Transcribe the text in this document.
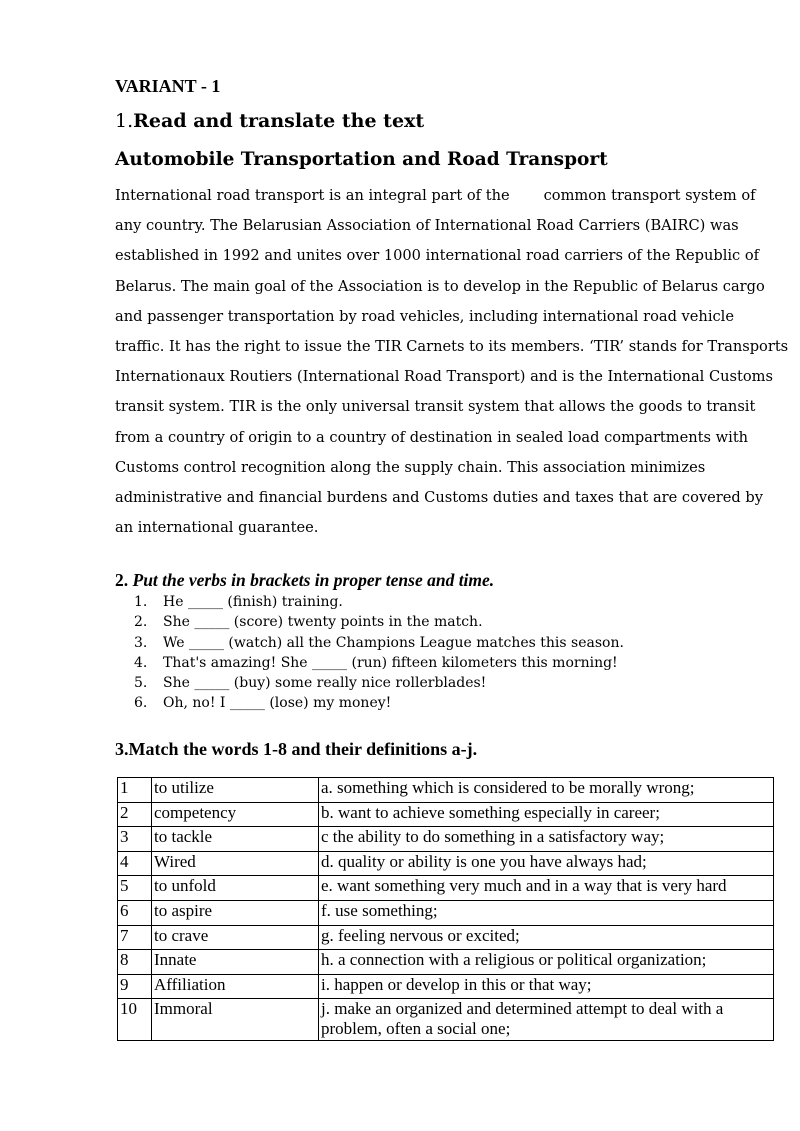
VARIANT - 1
1.Read and translate the text
Automobile Transportation and Road Transport
International road transport is an integral part of the common transport system of
any country. The Belarusian Association of International Road Carriers (BAIRC) was
established in 1992 and unites over 1000 international road carriers of the Republic of
Belarus. The main goal of the Association is to develop in the Republic of Belarus cargo
and passenger transportation by road vehicles, including international road vehicle
traffic. It has the right to issue the TIR Carnets to its members. ‘TIR’ stands for Transports
Internationaux Routiers (International Road Transport) and is the International Customs
transit system. TIR is the only universal transit system that allows the goods to transit
from a country of origin to a country of destination in sealed load compartments with
Customs control recognition along the supply chain. This association minimizes
administrative and financial burdens and Customs duties and taxes that are covered by
an international guarantee.
2. Put the verbs in brackets in proper tense and time.
1. He _____ (finish) training.
2. She _____ (score) twenty points in the match.
3. We _____ (watch) all the Champions League matches this season.
4. That's amazing! She _____ (run) fifteen kilometers this morning!
5. She _____ (buy) some really nice rollerblades!
6. Oh, no! I _____ (lose) my money!
3.Match the words 1-8 and their definitions a-j.
1	to utilize	a. something which is considered to be morally wrong;
2	competency	b. want to achieve something especially in career;
3	to tackle	c the ability to do something in a satisfactory way;
4	Wired	d. quality or ability is one you have always had;
5	to unfold	e. want something very much and in a way that is very hard
6	to aspire	f. use something;
7	to crave	g. feeling nervous or excited;
8	Innate	h. a connection with a religious or political organization;
9	Affiliation	i. happen or develop in this or that way;
10	Immoral	j. make an organized and determined attempt to deal with a problem, often a social one;
